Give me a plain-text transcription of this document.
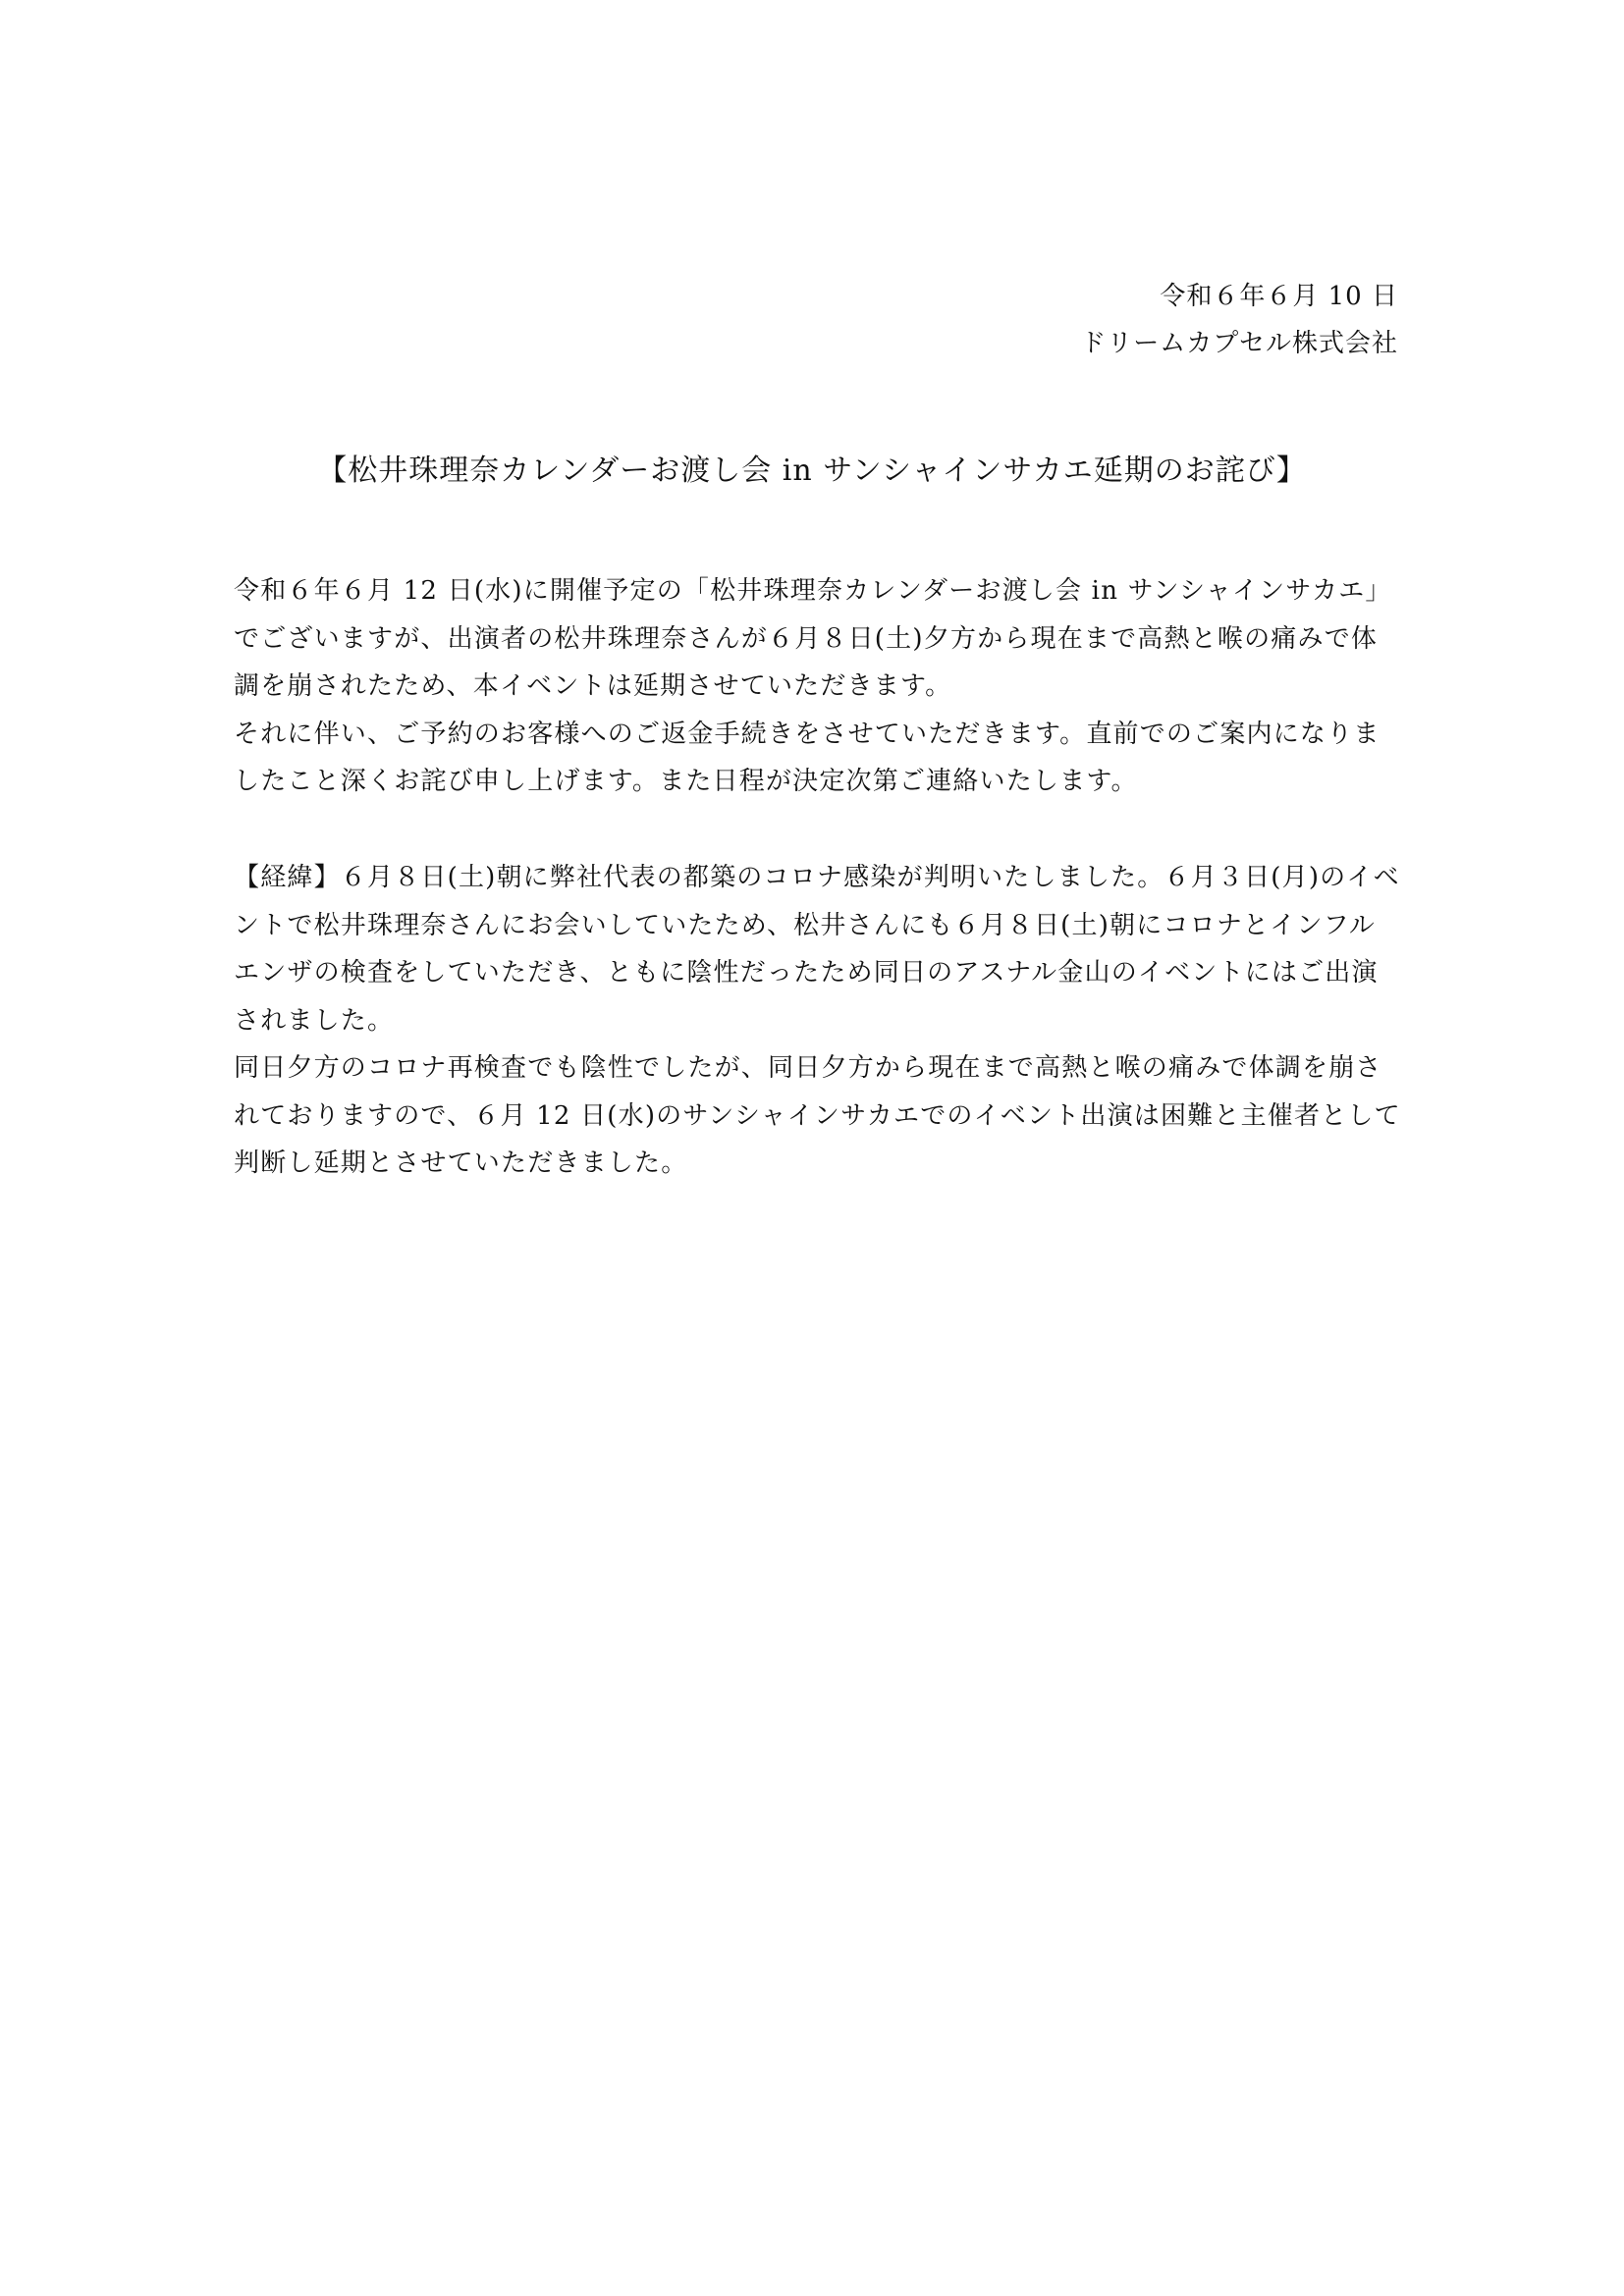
令和６年６月 10 日
ドリームカプセル株式会社
【松井珠理奈カレンダーお渡し会 in サンシャインサカエ延期のお詫び】

令和６年６月 12 日(水)に開催予定の「松井珠理奈カレンダーお渡し会 in サンシャインサカエ」でございますが、出演者の松井珠理奈さんが６月８日(土)夕方から現在まで高熱と喉の痛みで体調を崩されたため、本イベントは延期させていただきます。

それに伴い、ご予約のお客様へのご返金手続きをさせていただきます。直前でのご案内になりましたこと深くお詫び申し上げます。また日程が決定次第ご連絡いたします。

【経緯】６月８日(土)朝に弊社代表の都築のコロナ感染が判明いたしました。６月３日(月)のイベントで松井珠理奈さんにお会いしていたため、松井さんにも６月８日(土)朝にコロナとインフルエンザの検査をしていただき、ともに陰性だったため同日のアスナル金山のイベントにはご出演されました。

同日夕方のコロナ再検査でも陰性でしたが、同日夕方から現在まで高熱と喉の痛みで体調を崩されておりますので、６月 12 日(水)のサンシャインサカエでのイベント出演は困難と主催者として判断し延期とさせていただきました。
